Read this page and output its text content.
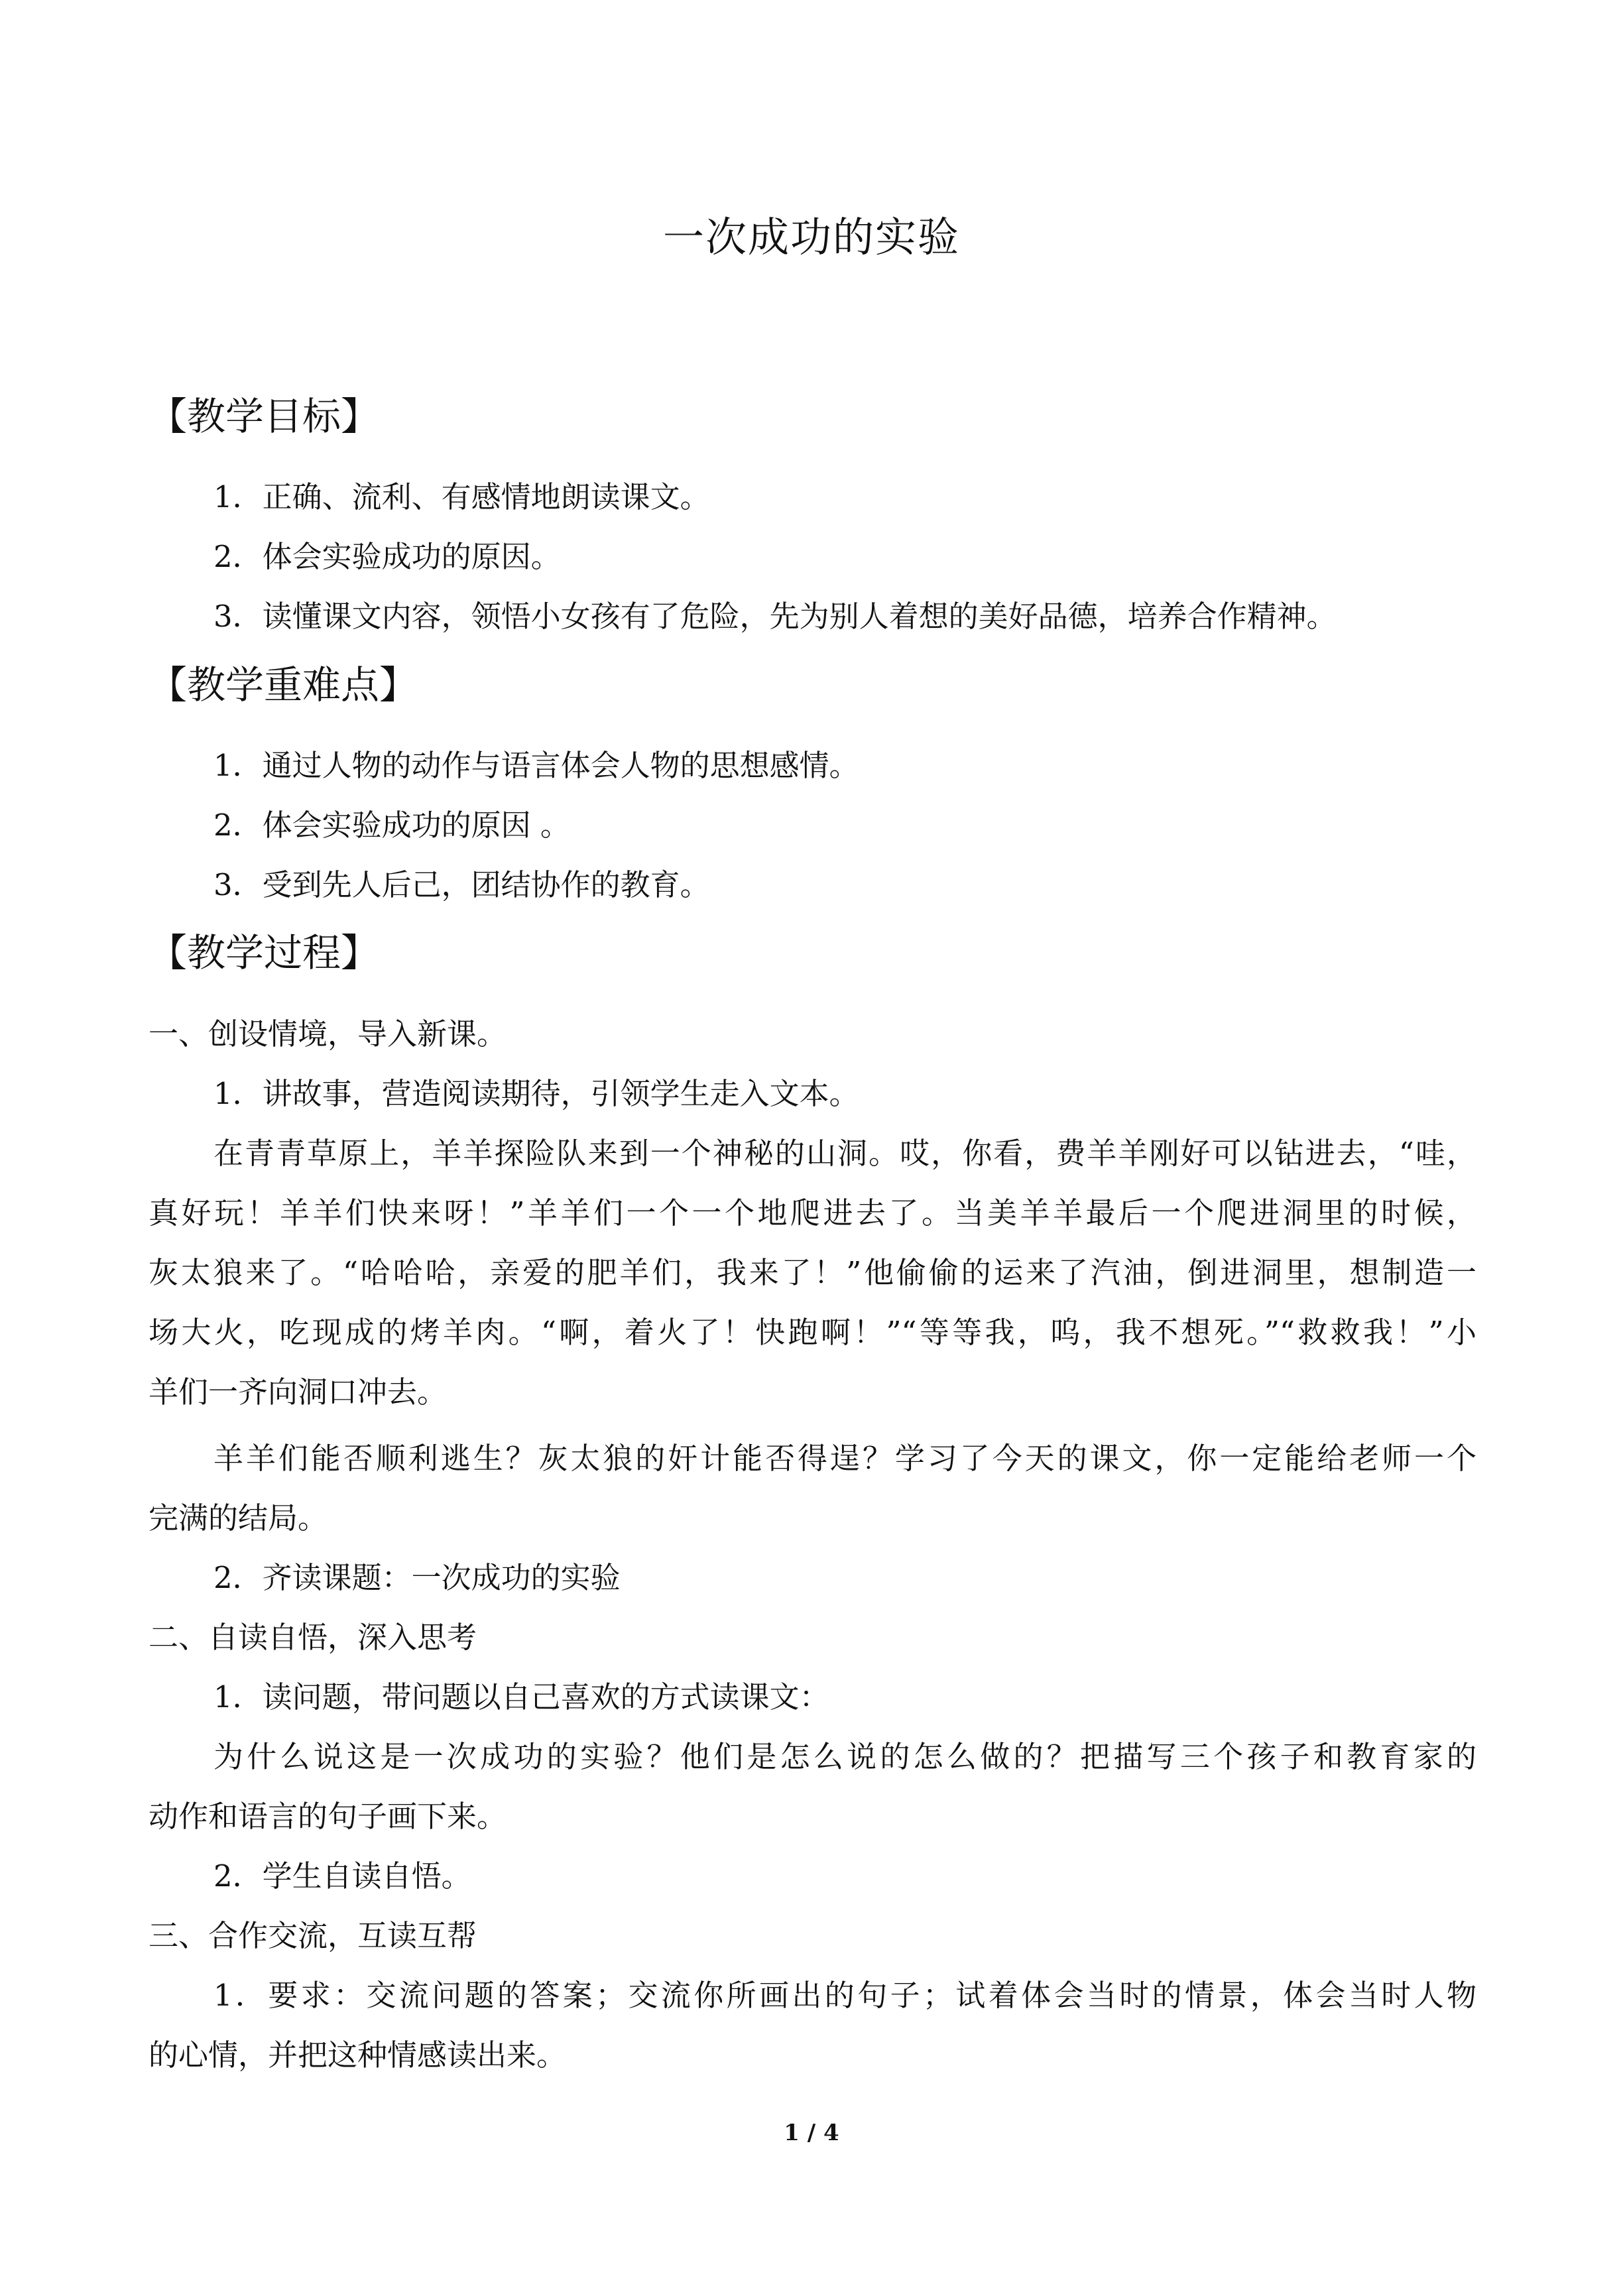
一次成功的实验
【教学目标】
1．正确、流利、有感情地朗读课文。
2．体会实验成功的原因。
3．读懂课文内容，领悟小女孩有了危险，先为别人着想的美好品德，培养合作精神。
【教学重难点】
1．通过人物的动作与语言体会人物的思想感情。
2．体会实验成功的原因 。
3．受到先人后己，团结协作的教育。
【教学过程】
一、创设情境，导入新课。
1．讲故事，营造阅读期待，引领学生走入文本。
在青青草原上，羊羊探险队来到一个神秘的山洞。哎，你看，费羊羊刚好可以钻进去，“哇，
真好玩！羊羊们快来呀！”羊羊们一个一个地爬进去了。当美羊羊最后一个爬进洞里的时候，
灰太狼来了。“哈哈哈，亲爱的肥羊们，我来了！”他偷偷的运来了汽油，倒进洞里，想制造一
场大火，吃现成的烤羊肉。“啊，着火了！快跑啊！”“等等我，呜，我不想死。”“救救我！”小
羊们一齐向洞口冲去。
羊羊们能否顺利逃生？灰太狼的奸计能否得逞？学习了今天的课文，你一定能给老师一个
完满的结局。
2．齐读课题：一次成功的实验
二、自读自悟，深入思考
1．读问题，带问题以自己喜欢的方式读课文：
为什么说这是一次成功的实验？他们是怎么说的怎么做的？把描写三个孩子和教育家的
动作和语言的句子画下来。
2．学生自读自悟。
三、合作交流，互读互帮
1．要求：交流问题的答案；交流你所画出的句子；试着体会当时的情景，体会当时人物
的心情，并把这种情感读出来。
1 / 4
